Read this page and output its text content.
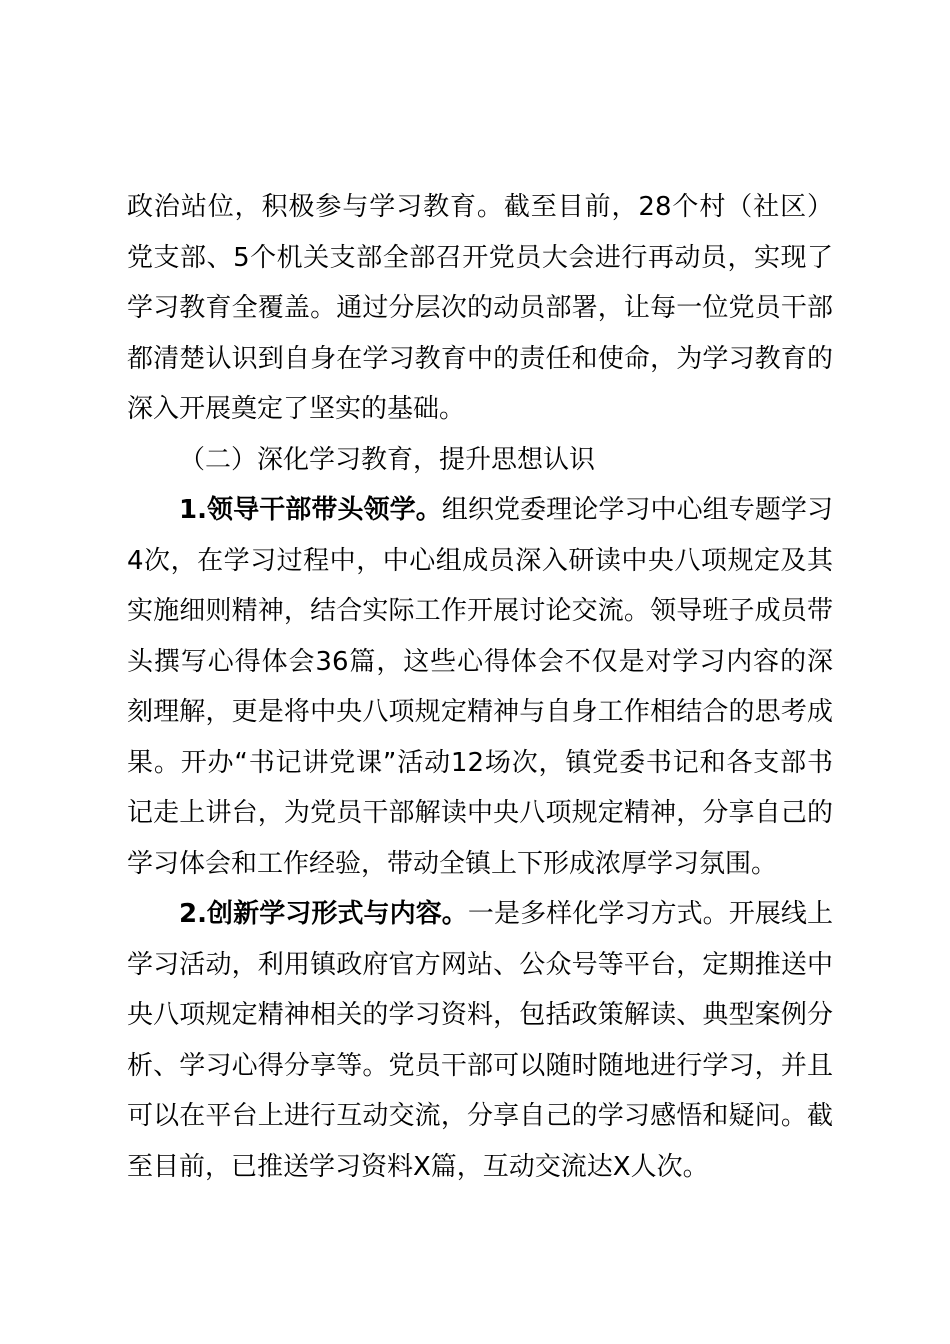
政治站位，积极参与学习教育。截至目前，28个村（社区）党支部、5个机关支部全部召开党员大会进行再动员，实现了学习教育全覆盖。通过分层次的动员部署，让每一位党员干部都清楚认识到自身在学习教育中的责任和使命，为学习教育的深入开展奠定了坚实的基础。

（二）深化学习教育，提升思想认识

1.领导干部带头领学。组织党委理论学习中心组专题学习4次，在学习过程中，中心组成员深入研读中央八项规定及其实施细则精神，结合实际工作开展讨论交流。领导班子成员带头撰写心得体会36篇，这些心得体会不仅是对学习内容的深刻理解，更是将中央八项规定精神与自身工作相结合的思考成果。开办“书记讲党课”活动12场次，镇党委书记和各支部书记走上讲台，为党员干部解读中央八项规定精神，分享自己的学习体会和工作经验，带动全镇上下形成浓厚学习氛围。

2.创新学习形式与内容。一是多样化学习方式。开展线上学习活动，利用镇政府官方网站、公众号等平台，定期推送中央八项规定精神相关的学习资料，包括政策解读、典型案例分析、学习心得分享等。党员干部可以随时随地进行学习，并且可以在平台上进行互动交流，分享自己的学习感悟和疑问。截至目前，已推送学习资料X篇，互动交流达X人次。
